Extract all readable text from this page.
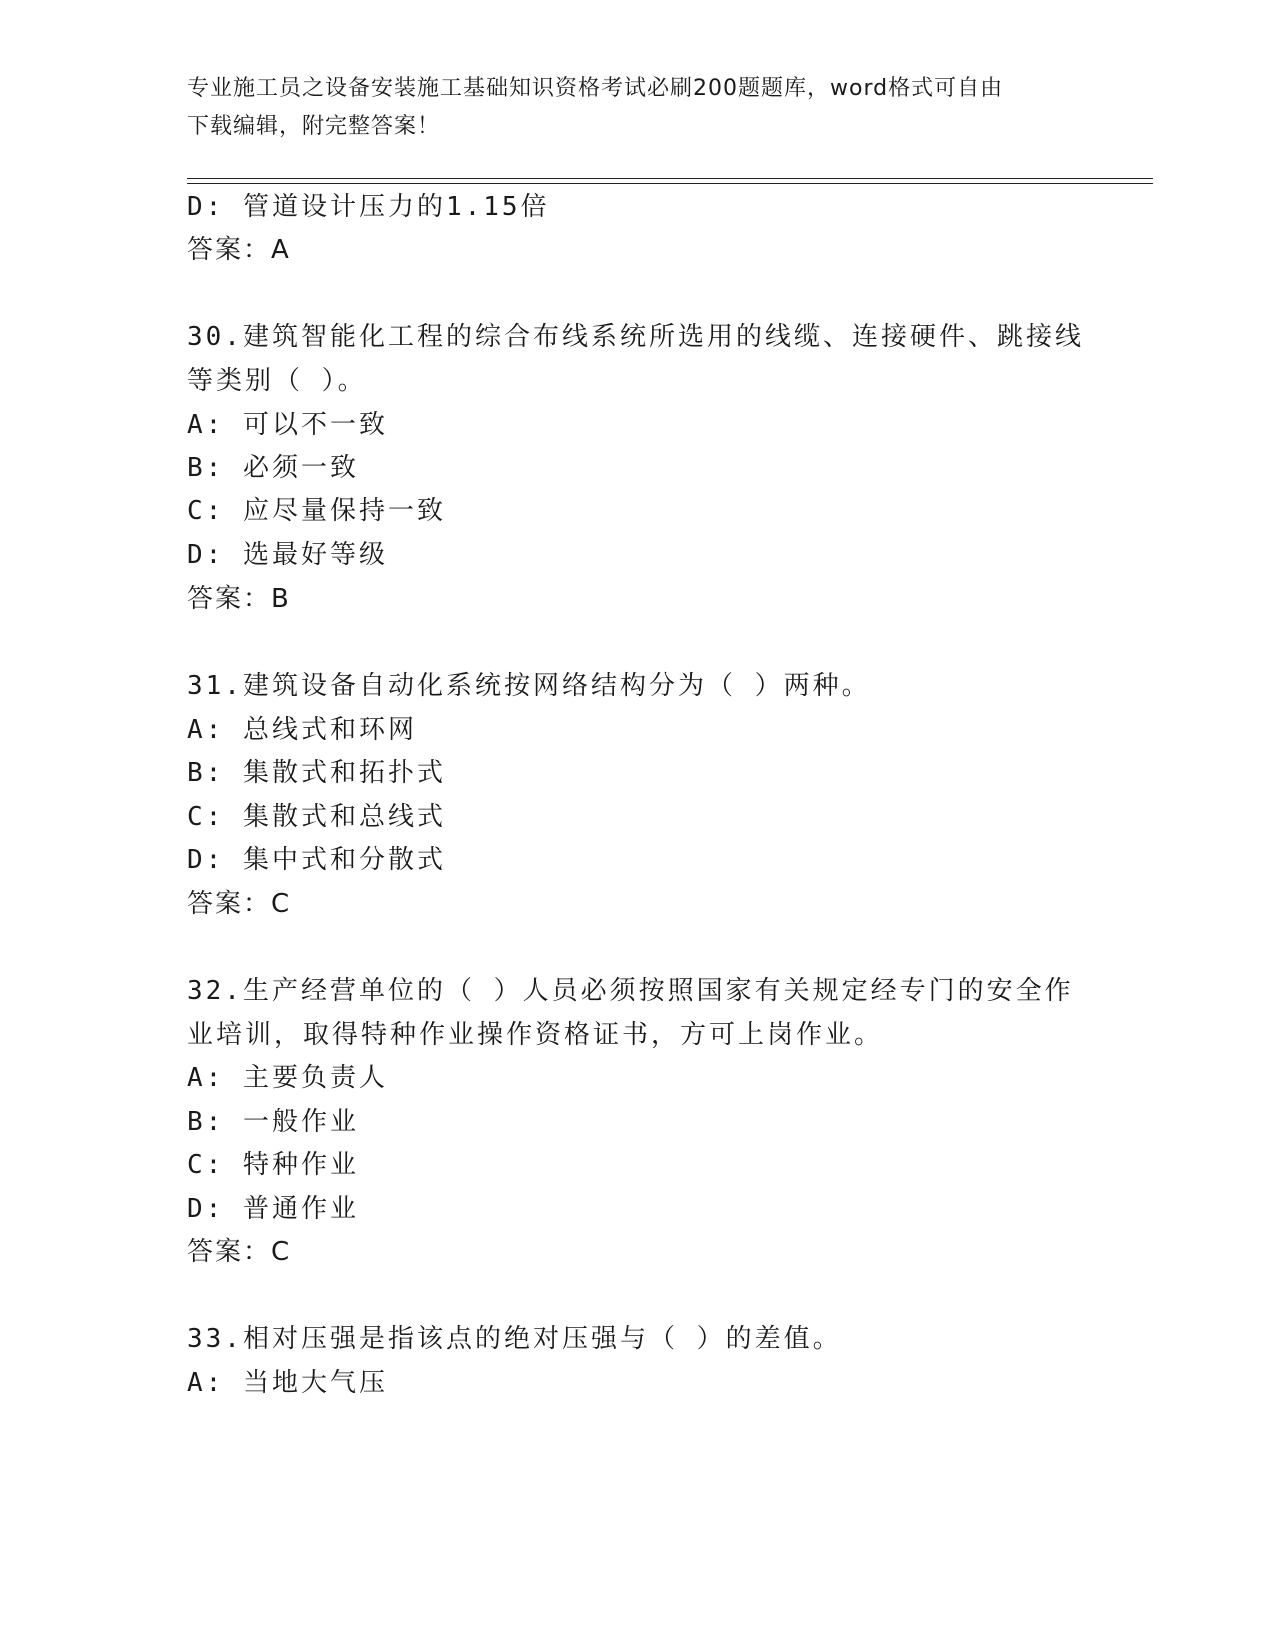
专业施工员之设备安装施工基础知识资格考试必刷200题题库，word格式可自由
下载编辑，附完整答案！
D: 管道设计压力的1.15倍
答案：A
30.建筑智能化工程的综合布线系统所选用的线缆、连接硬件、跳接线
等类别（ ）。
A: 可以不一致
B: 必须一致
C: 应尽量保持一致
D: 选最好等级
答案：B
31.建筑设备自动化系统按网络结构分为（ ）两种。
A: 总线式和环网
B: 集散式和拓扑式
C: 集散式和总线式
D: 集中式和分散式
答案：C
32.生产经营单位的（ ）人员必须按照国家有关规定经专门的安全作
业培训，取得特种作业操作资格证书，方可上岗作业。
A: 主要负责人
B: 一般作业
C: 特种作业
D: 普通作业
答案：C
33.相对压强是指该点的绝对压强与（ ）的差值。
A: 当地大气压
